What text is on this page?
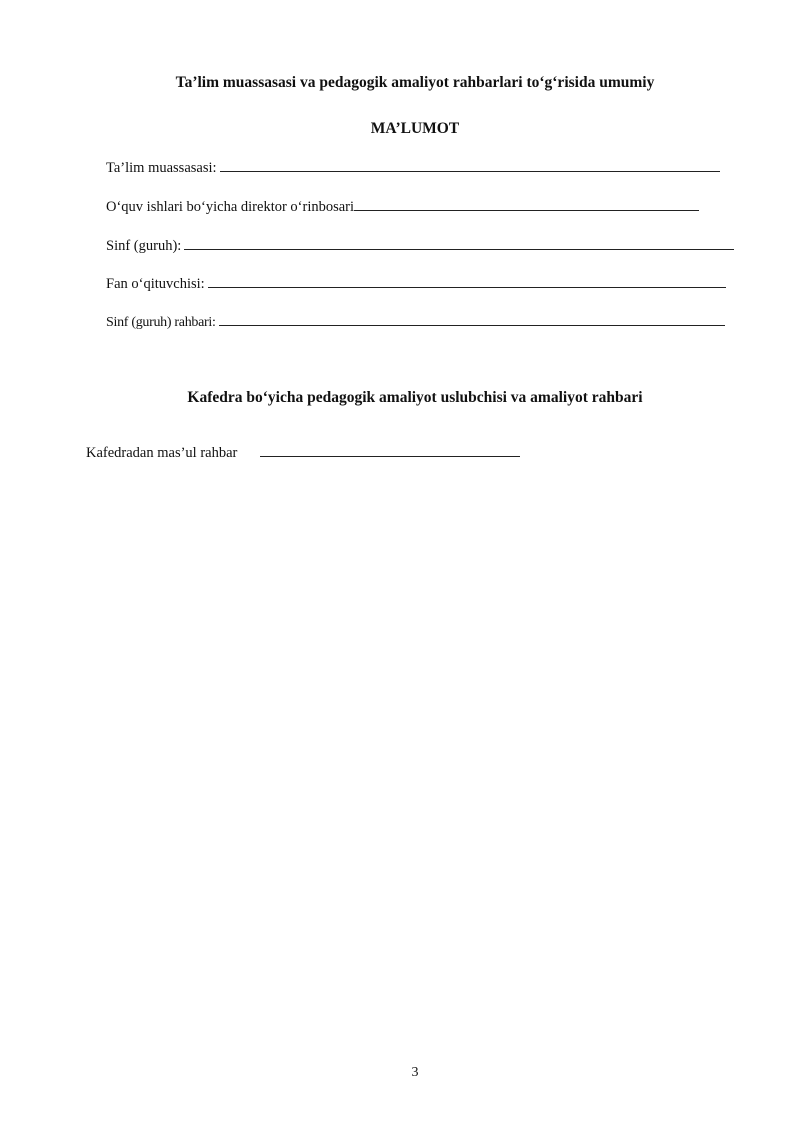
Ta’lim muassasasi va pedagogik amaliyot rahbarlari to‘g‘risida umumiy
MA’LUMOT
Ta’lim muassasasi:
O‘quv ishlari bo‘yicha direktor o‘rinbosari
Sinf (guruh):
Fan o‘qituvchisi:
Sinf (guruh) rahbari:
Kafedra bo‘yicha pedagogik amaliyot uslubchisi va amaliyot rahbari
Kafedradan mas’ul rahbar
3
